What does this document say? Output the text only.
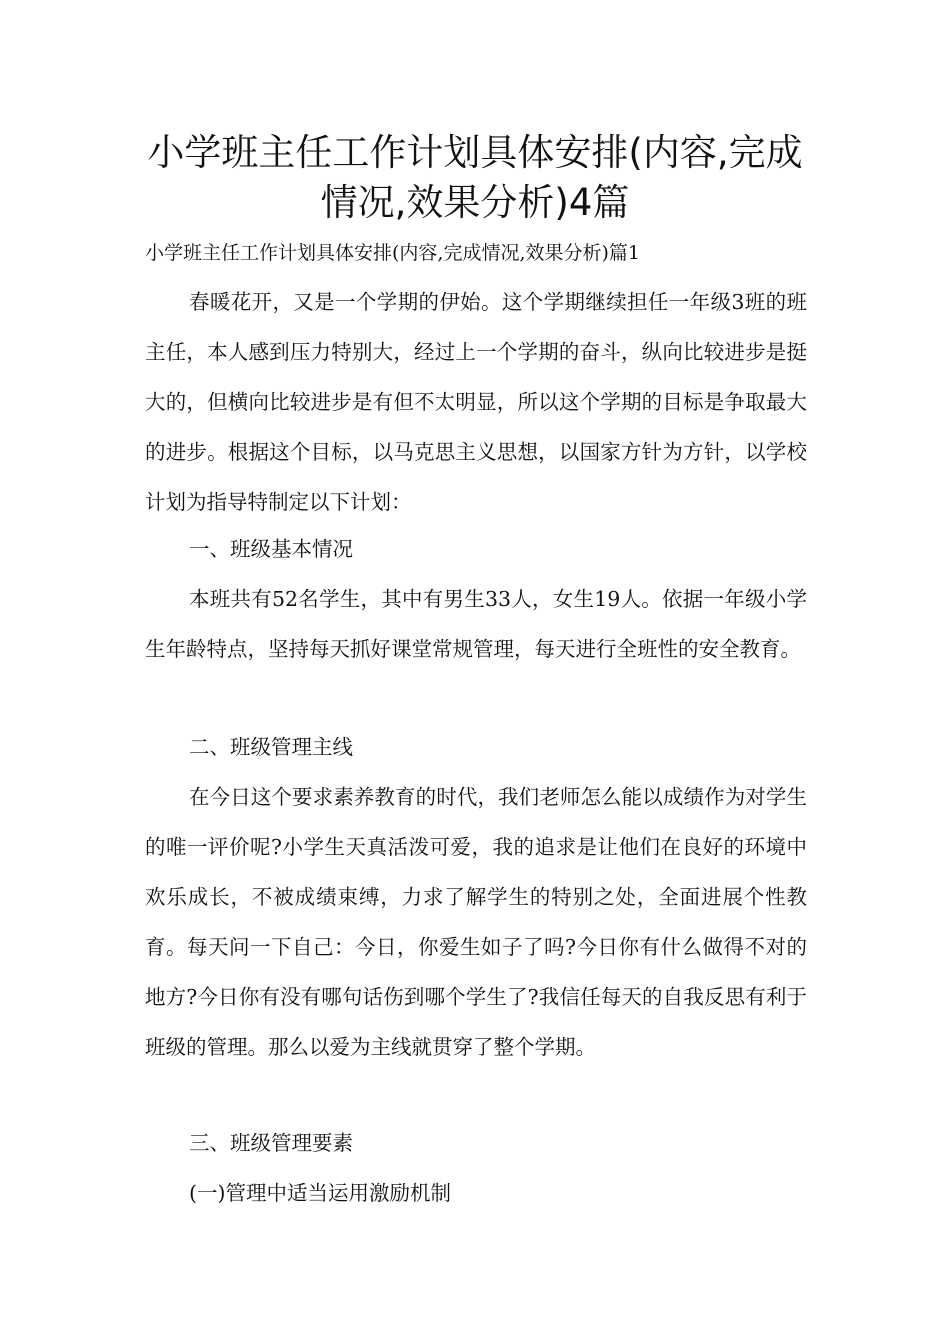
小学班主任工作计划具体安排(内容,完成情况,效果分析)4篇

小学班主任工作计划具体安排(内容,完成情况,效果分析)篇1

春暖花开，又是一个学期的伊始。这个学期继续担任一年级3班的班主任，本人感到压力特别大，经过上一个学期的奋斗，纵向比较进步是挺大的，但横向比较进步是有但不太明显，所以这个学期的目标是争取最大的进步。根据这个目标，以马克思主义思想，以国家方针为方针，以学校计划为指导特制定以下计划：

一、班级基本情况

本班共有52名学生，其中有男生33人，女生19人。依据一年级小学生年龄特点，坚持每天抓好课堂常规管理，每天进行全班性的安全教育。

二、班级管理主线

在今日这个要求素养教育的时代，我们老师怎么能以成绩作为对学生的唯一评价呢?小学生天真活泼可爱，我的追求是让他们在良好的环境中欢乐成长，不被成绩束缚，力求了解学生的特别之处，全面进展个性教育。每天问一下自己：今日，你爱生如子了吗?今日你有什么做得不对的地方?今日你有没有哪句话伤到哪个学生了?我信任每天的自我反思有利于班级的管理。那么以爱为主线就贯穿了整个学期。

三、班级管理要素

(一)管理中适当运用激励机制
